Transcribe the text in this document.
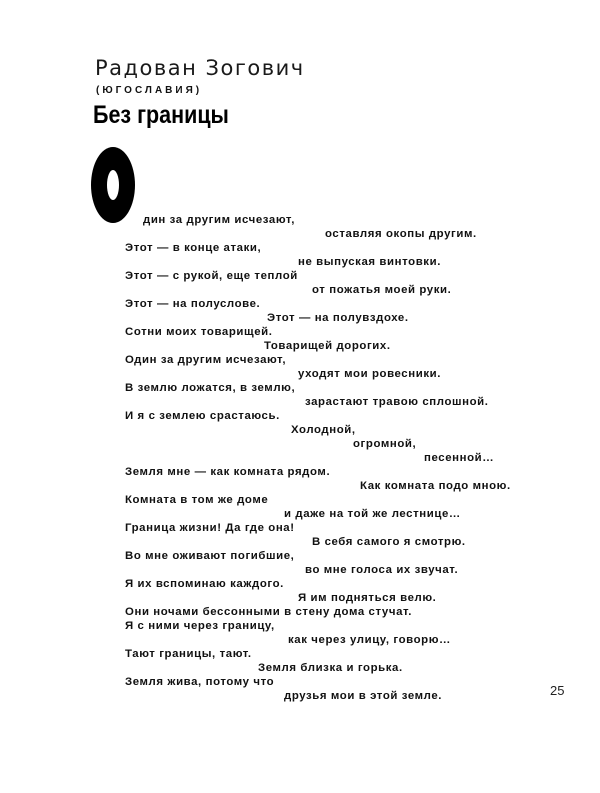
Радован Зогович
(ЮГОСЛАВИЯ)
Без границы
дин за другим исчезают,
оставляя окопы другим.
Этот — в конце атаки,
не выпуская винтовки.
Этот — с рукой, еще теплой
от пожатья моей руки.
Этот — на полуслове.
Этот — на полувздохе.
Сотни моих товарищей.
Товарищей дорогих.
Один за другим исчезают,
уходят мои ровесники.
В землю ложатся, в землю,
зарастают травою сплошной.
И я с землею срастаюсь.
Холодной,
огромной,
песенной…
Земля мне — как комната рядом.
Как комната подо мною.
Комната в том же доме
и даже на той же лестнице…
Граница жизни! Да где она!
В себя самого я смотрю.
Во мне оживают погибшие,
во мне голоса их звучат.
Я их вспоминаю каждого.
Я им подняться велю.
Они ночами бессонными в стену дома стучат.
Я с ними через границу,
как через улицу, говорю…
Тают границы, тают.
Земля близка и горька.
Земля жива, потому что
друзья мои в этой земле.	25
